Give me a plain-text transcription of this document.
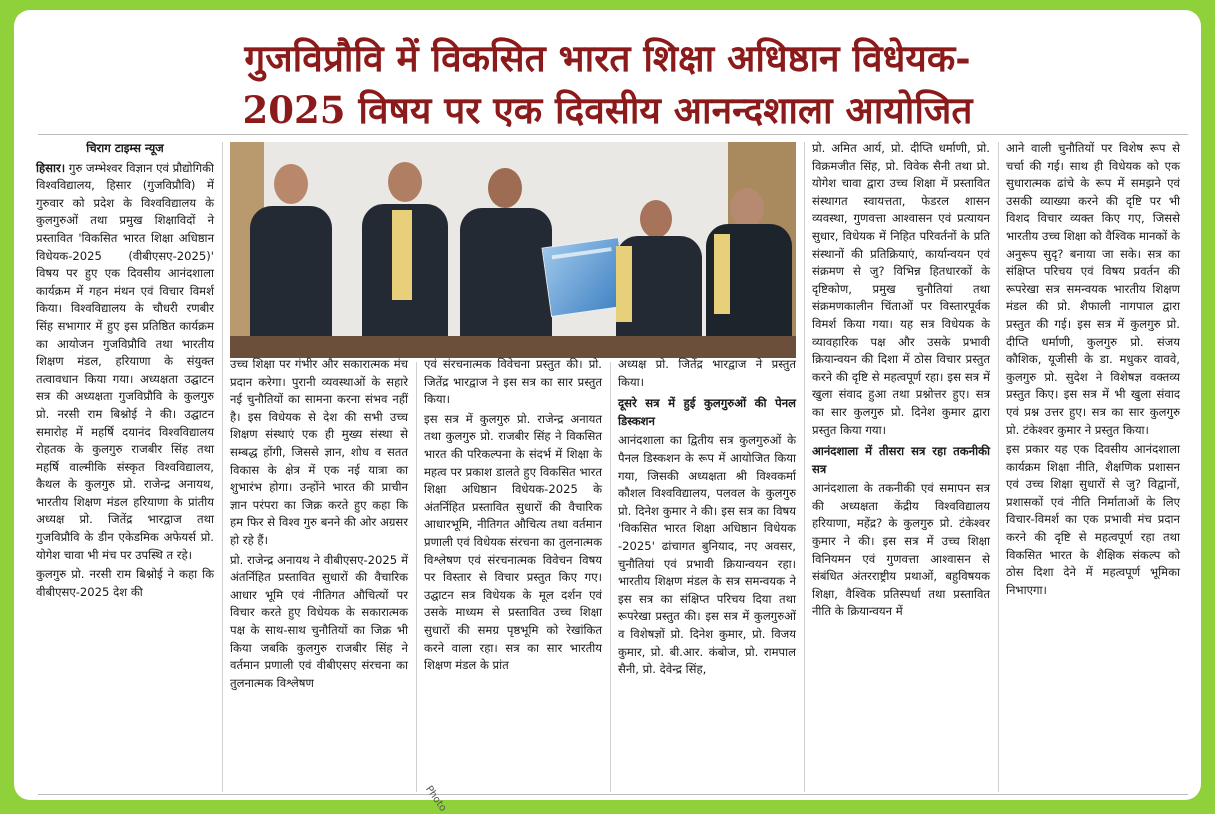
गुजविप्रौवि में विकसित भारत शिक्षा अधिष्ठान विधेयक-
2025 विषय पर एक दिवसीय आनन्दशाला आयोजित

चिराग टाइम्स न्यूज

हिसार। गुरु जम्भेश्वर विज्ञान एवं प्रौद्योगिकी विश्वविद्यालय, हिसार (गुजविप्रौवि) में गुरुवार को प्रदेश के विश्वविद्यालय के कुलगुरुओं तथा प्रमुख शिक्षाविदों ने प्रस्तावित 'विकसित भारत शिक्षा अधिष्ठान विधेयक-2025 (वीबीएसए-2025)' विषय पर हुए एक दिवसीय आनंदशाला कार्यक्रम में गहन मंथन एवं विचार विमर्श किया। विश्वविद्यालय के चौधरी रणबीर सिंह सभागार में हुए इस प्रतिष्ठित कार्यक्रम का आयोजन गुजविप्रौवि तथा भारतीय शिक्षण मंडल, हरियाणा के संयुक्त तत्वावधान किया गया। अध्यक्षता उद्घाटन सत्र की अध्यक्षता गुजविप्रौवि के कुलगुरु प्रो. नरसी राम बिश्नोई ने की। उद्घाटन समारोह में महर्षि दयानंद विश्वविद्यालय रोहतक के कुलगुरु राजबीर सिंह तथा महर्षि वाल्मीकि संस्कृत विश्वविद्यालय, कैथल के कुलगुरु प्रो. राजेन्द्र अनायथ, भारतीय शिक्षण मंडल हरियाणा के प्रांतीय अध्यक्ष प्रो. जितेंद्र भारद्वाज तथा गुजविप्रौवि के डीन एकेडमिक अफेयर्स प्रो. योगेश चावा भी मंच पर उपस्थि त रहे।

कुलगुरु प्रो. नरसी राम बिश्नोई ने कहा कि वीबीएसए-2025 देश की

उच्च शिक्षा पर गंभीर और सकारात्मक मंच प्रदान करेगा। पुरानी व्यवस्थाओं के सहारे नई चुनौतियों का सामना करना संभव नहीं है। इस विधेयक से देश की सभी उच्च शिक्षण संस्थाएं एक ही मुख्य संस्था से सम्बद्ध होंगी, जिससे ज्ञान, शोध व सतत विकास के क्षेत्र में एक नई यात्रा का शुभारंभ होगा। उन्होंने भारत की प्राचीन ज्ञान परंपरा का जिक्र करते हुए कहा कि हम फिर से विश्व गुरु बनने की ओर अग्रसर हो रहे हैं।

प्रो. राजेन्द्र अनायथ ने वीबीएसए-2025 में अंतर्निहित प्रस्तावित सुधारों की वैचारिक आधार भूमि एवं नीतिगत औचित्यों पर विचार करते हुए विधेयक के सकारात्मक पक्ष के साथ-साथ चुनौतियों का जिक्र भी किया जबकि कुलगुरु राजबीर सिंह ने वर्तमान प्रणाली एवं वीबीएसए संरचना का तुलनात्मक विश्लेषण

एवं संरचनात्मक विवेचना प्रस्तुत की। प्रो. जितेंद्र भारद्वाज ने इस सत्र का सार प्रस्तुत किया।

इस सत्र में कुलगुरु प्रो. राजेन्द्र अनायत तथा कुलगुरु प्रो. राजबीर सिंह ने विकसित भारत की परिकल्पना के संदर्भ में शिक्षा के महत्व पर प्रकाश डालते हुए विकसित भारत शिक्षा अधिष्ठान विधेयक-2025 के अंतर्निहित प्रस्तावित सुधारों की वैचारिक आधारभूमि, नीतिगत औचित्य तथा वर्तमान प्रणाली एवं विधेयक संरचना का तुलनात्मक विश्लेषण एवं संरचनात्मक विवेचन विषय पर विस्तार से विचार प्रस्तुत किए गए। उद्घाटन सत्र विधेयक के मूल दर्शन एवं उसके माध्यम से प्रस्तावित उच्च शिक्षा सुधारों की समग्र पृष्ठभूमि को रेखांकित करने वाला रहा। सत्र का सार भारतीय शिक्षण मंडल के प्रांत

अध्यक्ष प्रो. जितेंद्र भारद्वाज ने प्रस्तुत किया।

दूसरे सत्र में हुई कुलगुरुओं की पेनल डिस्कशन

आनंदशाला का द्वितीय सत्र कुलगुरुओं के पैनल डिस्कशन के रूप में आयोजित किया गया, जिसकी अध्यक्षता श्री विश्वकर्मा कौशल विश्वविद्यालय, पलवल के कुलगुरु प्रो. दिनेश कुमार ने की। इस सत्र का विषय 'विकसित भारत शिक्षा अधिष्ठान विधेयक -2025' ढांचागत बुनियाद, नए अवसर, चुनौतियां एवं प्रभावी क्रियान्वयन रहा। भारतीय शिक्षण मंडल के सत्र समन्वयक ने इस सत्र का संक्षिप्त परिचय दिया तथा रूपरेखा प्रस्तुत की। इस सत्र में कुलगुरुओं व विशेषज्ञों प्रो. दिनेश कुमार, प्रो. विजय कुमार, प्रो. बी.आर. कंबोज, प्रो. रामपाल सैनी, प्रो. देवेन्द्र सिंह,

प्रो. अमित आर्य, प्रो. दीप्ति धर्माणी, प्रो. विक्रमजीत सिंह, प्रो. विवेक सैनी तथा प्रो. योगेश चावा द्वारा उच्च शिक्षा में प्रस्तावित संस्थागत स्वायत्तता, फेडरल शासन व्यवस्था, गुणवत्ता आश्वासन एवं प्रत्यायन सुधार, विधेयक में निहित परिवर्तनों के प्रति संस्थानों की प्रतिक्रियाएं, कार्यान्वयन एवं संक्रमण से जु? विभिन्न हितधारकों के दृष्टिकोण, प्रमुख चुनौतियां तथा संक्रमणकालीन चिंताओं पर विस्तारपूर्वक विमर्श किया गया। यह सत्र विधेयक के व्यावहारिक पक्ष और उसके प्रभावी क्रियान्वयन की दिशा में ठोस विचार प्रस्तुत करने की दृष्टि से महत्वपूर्ण रहा। इस सत्र में खुला संवाद हुआ तथा प्रश्नोत्तर हुए। सत्र का सार कुलगुरु प्रो. दिनेश कुमार द्वारा प्रस्तुत किया गया।

आनंदशाला में तीसरा सत्र रहा तकनीकी सत्र

आनंदशाला के तकनीकी एवं समापन सत्र की अध्यक्षता केंद्रीय विश्वविद्यालय हरियाणा, महेंद्र? के कुलगुरु प्रो. टंकेश्वर कुमार ने की। इस सत्र में उच्च शिक्षा विनियमन एवं गुणवत्ता आश्वासन से संबंधित अंतरराष्ट्रीय प्रथाओं, बहुविषयक शिक्षा, वैश्विक प्रतिस्पर्धा तथा प्रस्तावित नीति के क्रियान्वयन में

आने वाली चुनौतियों पर विशेष रूप से चर्चा की गई। साथ ही विधेयक को एक सुधारात्मक ढांचे के रूप में समझने एवं उसकी व्याख्या करने की दृष्टि पर भी विशद विचार व्यक्त किए गए, जिससे भारतीय उच्च शिक्षा को वैश्विक मानकों के अनुरूप सुदृ? बनाया जा सके। सत्र का संक्षिप्त परिचय एवं विषय प्रवर्तन की रूपरेखा सत्र समन्वयक भारतीय शिक्षण मंडल की प्रो. शैफाली नागपाल द्वारा प्रस्तुत की गई। इस सत्र में कुलगुरु प्रो. दीप्ति धर्माणी, कुलगुरु प्रो. संजय कौशिक, यूजीसी के डा. मधुकर वाववे, कुलगुरु प्रो. सुदेश ने विशेषज्ञ वक्तव्य प्रस्तुत किए। इस सत्र में भी खुला संवाद एवं प्रश्न उत्तर हुए। सत्र का सार कुलगुरु प्रो. टंकेश्वर कुमार ने प्रस्तुत किया।

इस प्रकार यह एक दिवसीय आनंदशाला कार्यक्रम शिक्षा नीति, शैक्षणिक प्रशासन एवं उच्च शिक्षा सुधारों से जु? विद्वानों, प्रशासकों एवं नीति निर्माताओं के लिए विचार-विमर्श का एक प्रभावी मंच प्रदान करने की दृष्टि से महत्वपूर्ण रहा तथा विकसित भारत के शैक्षिक संकल्प को ठोस दिशा देने में महत्वपूर्ण भूमिका निभाएगा।

Photo
